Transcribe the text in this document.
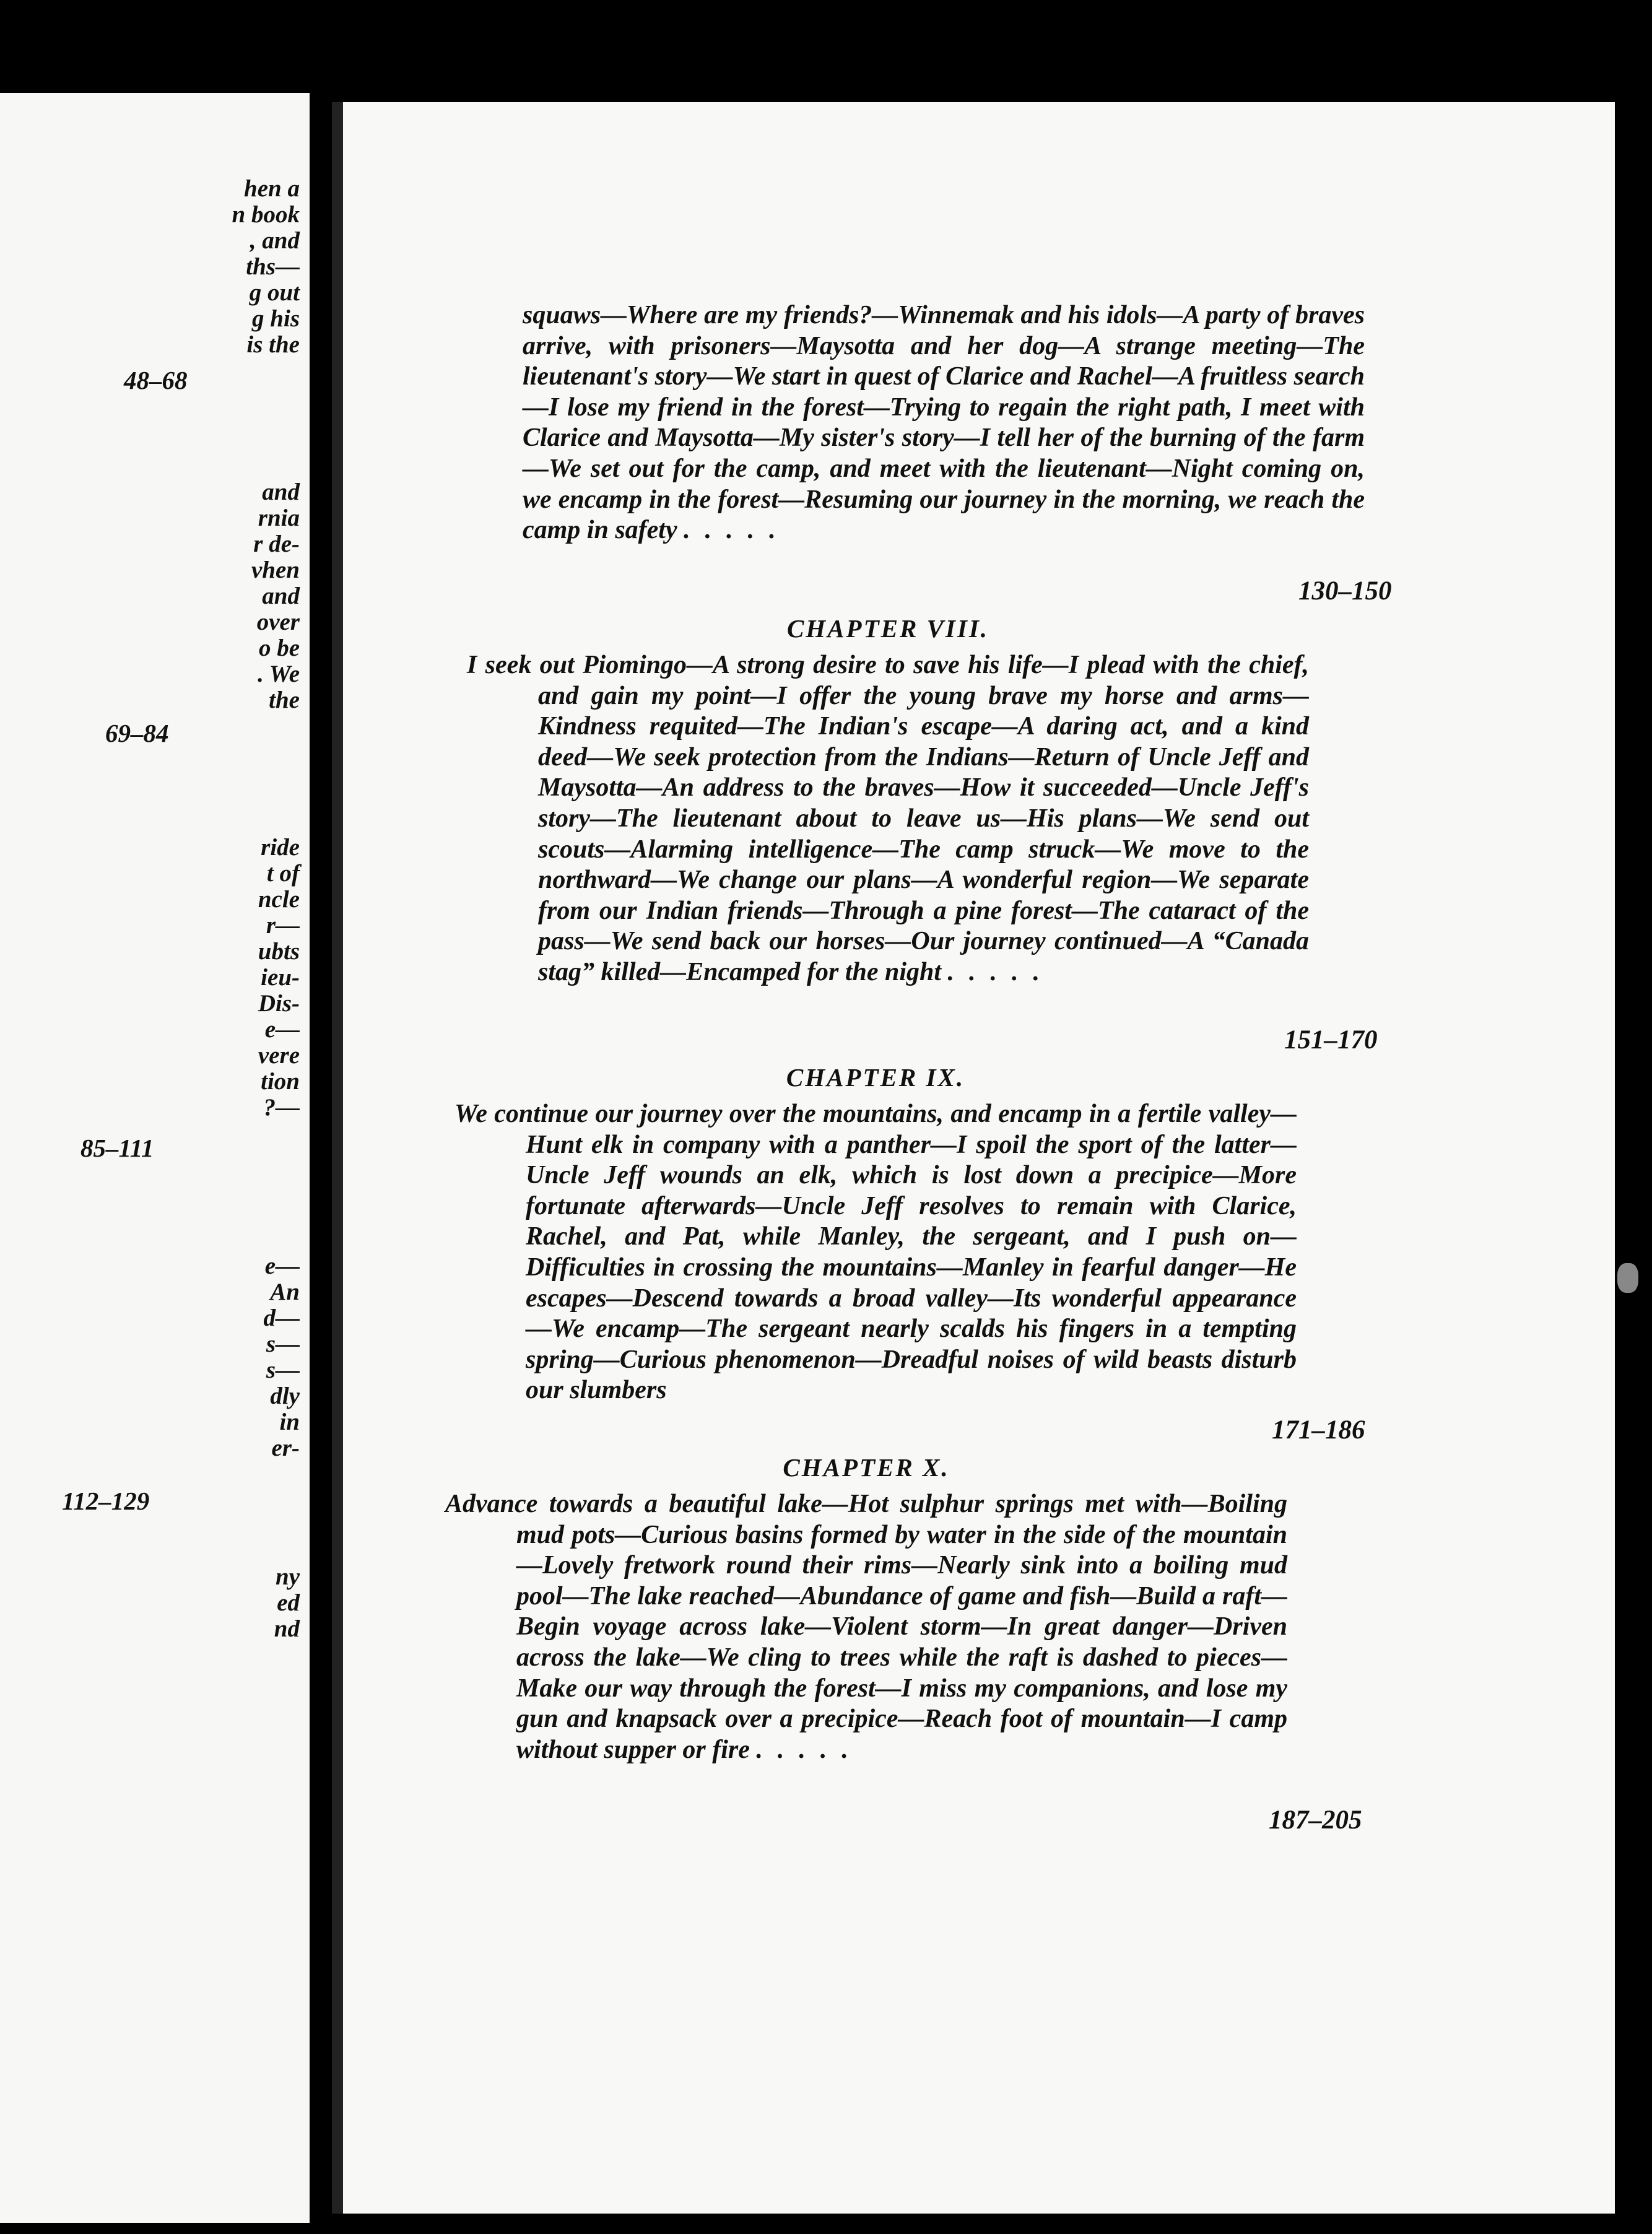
hen a

n book

, and

ths—

g out

g his

is the

and

rnia

r de-

vhen

and

over

o be

. We

the

ride

t of

ncle

r—

ubts

ieu-

Dis-

e—

vere

tion

?—

e—

An

d—

s—

s—

dly

in

er-

ny

ed

nd

48–68

69–84

85–111

112–129

squaws—Where are my friends?—Winnemak and his idols—A party of braves arrive, with prisoners—Maysotta and her dog—A strange meeting—The lieutenant's story—We start in quest of Clarice and Rachel—A fruitless search—I lose my friend in the forest—Trying to regain the right path, I meet with Clarice and Maysotta—My sister's story—I tell her of the burning of the farm—We set out for the camp, and meet with the lieutenant—Night coming on, we encamp in the forest—Resuming our journey in the morning, we reach the camp in safety .....

130–150

CHAPTER VIII.

I seek out Piomingo—A strong desire to save his life—I plead with the chief, and gain my point—I offer the young brave my horse and arms—Kindness requited—The Indian's escape—A daring act, and a kind deed—We seek protection from the Indians—Return of Uncle Jeff and Maysotta—An address to the braves—How it succeeded—Uncle Jeff's story—The lieutenant about to leave us—His plans—We send out scouts—Alarming intelligence—The camp struck—We move to the northward—We change our plans—A wonderful region—We separate from our Indian friends—Through a pine forest—The cataract of the pass—We send back our horses—Our journey continued—A “Canada stag” killed—Encamped for the night .....

151–170

CHAPTER IX.

We continue our journey over the mountains, and encamp in a fertile valley—Hunt elk in company with a panther—I spoil the sport of the latter—Uncle Jeff wounds an elk, which is lost down a precipice—More fortunate afterwards—Uncle Jeff resolves to remain with Clarice, Rachel, and Pat, while Manley, the sergeant, and I push on—Difficulties in crossing the mountains—Manley in fearful danger—He escapes—Descend towards a broad valley—Its wonderful appearance—We encamp—The sergeant nearly scalds his fingers in a tempting spring—Curious phenomenon—Dreadful noises of wild beasts disturb our slumbers

171–186

CHAPTER X.

Advance towards a beautiful lake—Hot sulphur springs met with—Boiling mud pots—Curious basins formed by water in the side of the mountain—Lovely fretwork round their rims—Nearly sink into a boiling mud pool—The lake reached—Abundance of game and fish—Build a raft—Begin voyage across lake—Violent storm—In great danger—Driven across the lake—We cling to trees while the raft is dashed to pieces—Make our way through the forest—I miss my companions, and lose my gun and knapsack over a precipice—Reach foot of mountain—I camp without supper or fire .....

187–205
